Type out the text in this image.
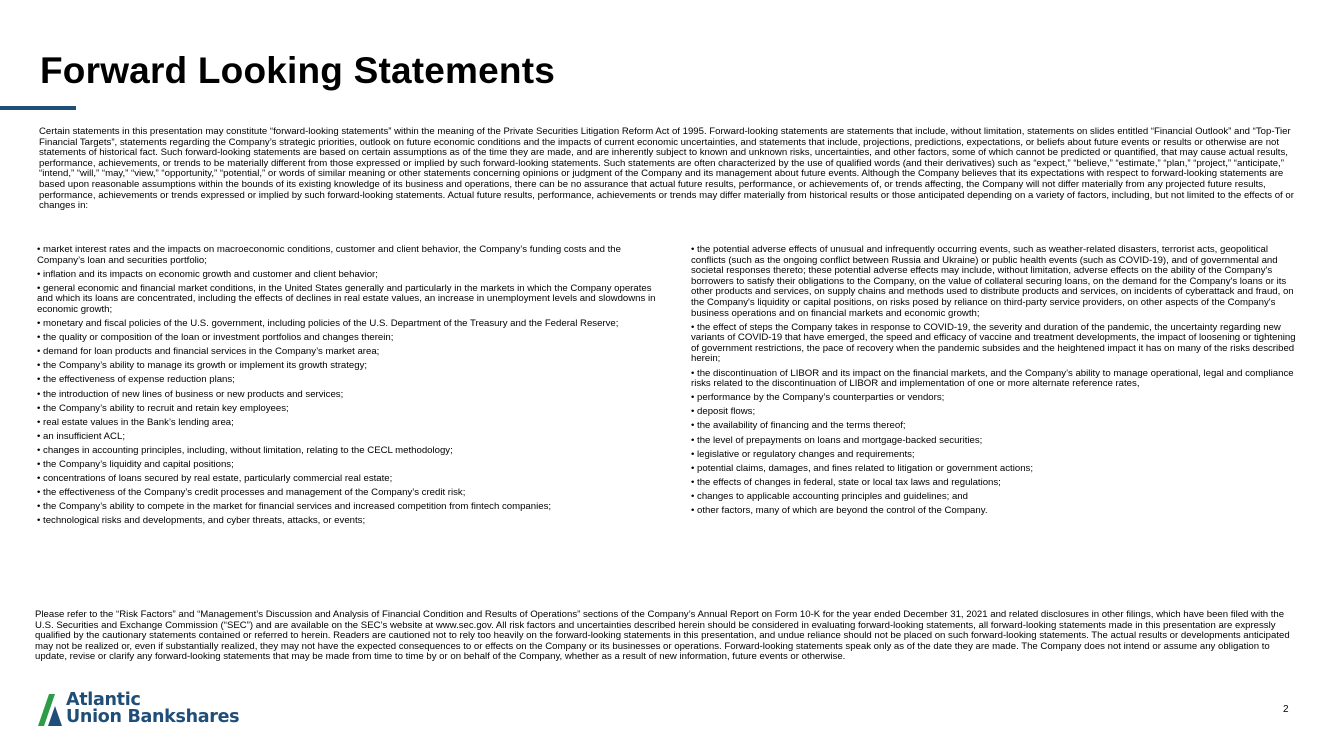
Forward Looking Statements

Certain statements in this presentation may constitute “forward-looking statements” within the meaning of the Private Securities Litigation Reform Act of 1995. Forward-looking statements are statements that include, without limitation, statements on slides entitled “Financial Outlook” and “Top-Tier Financial Targets”, statements regarding the Company’s strategic priorities, outlook on future economic conditions and the impacts of current economic uncertainties, and statements that include, projections, predictions, expectations, or beliefs about future events or results or otherwise are not statements of historical fact. Such forward-looking statements are based on certain assumptions as of the time they are made, and are inherently subject to known and unknown risks, uncertainties, and other factors, some of which cannot be predicted or quantified, that may cause actual results, performance, achievements, or trends to be materially different from those expressed or implied by such forward-looking statements. Such statements are often characterized by the use of qualified words (and their derivatives) such as “expect,” “believe,” “estimate,” “plan,” “project,” “anticipate,” “intend,” “will,” “may,” “view,” “opportunity,” “potential,” or words of similar meaning or other statements concerning opinions or judgment of the Company and its management about future events. Although the Company believes that its expectations with respect to forward-looking statements are based upon reasonable assumptions within the bounds of its existing knowledge of its business and operations, there can be no assurance that actual future results, performance, or achievements of, or trends affecting, the Company will not differ materially from any projected future results, performance, achievements or trends expressed or implied by such forward-looking statements. Actual future results, performance, achievements or trends may differ materially from historical results or those anticipated depending on a variety of factors, including, but not limited to the effects of or changes in:

• market interest rates and the impacts on macroeconomic conditions, customer and client behavior, the Company’s funding costs and the Company’s loan and securities portfolio;
• inflation and its impacts on economic growth and customer and client behavior;
• general economic and financial market conditions, in the United States generally and particularly in the markets in which the Company operates and which its loans are concentrated, including the effects of declines in real estate values, an increase in unemployment levels and slowdowns in economic growth;
• monetary and fiscal policies of the U.S. government, including policies of the U.S. Department of the Treasury and the Federal Reserve;
• the quality or composition of the loan or investment portfolios and changes therein;
• demand for loan products and financial services in the Company’s market area;
• the Company’s ability to manage its growth or implement its growth strategy;
• the effectiveness of expense reduction plans;
• the introduction of new lines of business or new products and services;
• the Company’s ability to recruit and retain key employees;
• real estate values in the Bank’s lending area;
• an insufficient ACL;
• changes in accounting principles, including, without limitation, relating to the CECL methodology;
• the Company’s liquidity and capital positions;
• concentrations of loans secured by real estate, particularly commercial real estate;
• the effectiveness of the Company’s credit processes and management of the Company’s credit risk;
• the Company’s ability to compete in the market for financial services and increased competition from fintech companies;
• technological risks and developments, and cyber threats, attacks, or events;
• the potential adverse effects of unusual and infrequently occurring events, such as weather-related disasters, terrorist acts, geopolitical conflicts (such as the ongoing conflict between Russia and Ukraine) or public health events (such as COVID-19), and of governmental and societal responses thereto; these potential adverse effects may include, without limitation, adverse effects on the ability of the Company's borrowers to satisfy their obligations to the Company, on the value of collateral securing loans, on the demand for the Company's loans or its other products and services, on supply chains and methods used to distribute products and services, on incidents of cyberattack and fraud, on the Company's liquidity or capital positions, on risks posed by reliance on third-party service providers, on other aspects of the Company's business operations and on financial markets and economic growth;
• the effect of steps the Company takes in response to COVID-19, the severity and duration of the pandemic, the uncertainty regarding new variants of COVID-19 that have emerged, the speed and efficacy of vaccine and treatment developments, the impact of loosening or tightening of government restrictions, the pace of recovery when the pandemic subsides and the heightened impact it has on many of the risks described herein;
• the discontinuation of LIBOR and its impact on the financial markets, and the Company’s ability to manage operational, legal and compliance risks related to the discontinuation of LIBOR and implementation of one or more alternate reference rates,
• performance by the Company’s counterparties or vendors;
• deposit flows;
• the availability of financing and the terms thereof;
• the level of prepayments on loans and mortgage-backed securities;
• legislative or regulatory changes and requirements;
• potential claims, damages, and fines related to litigation or government actions;
• the effects of changes in federal, state or local tax laws and regulations;
• changes to applicable accounting principles and guidelines; and
• other factors, many of which are beyond the control of the Company.

Please refer to the “Risk Factors” and “Management’s Discussion and Analysis of Financial Condition and Results of Operations” sections of the Company’s Annual Report on Form 10-K for the year ended December 31, 2021 and related disclosures in other filings, which have been filed with the U.S. Securities and Exchange Commission (“SEC”) and are available on the SEC’s website at www.sec.gov. All risk factors and uncertainties described herein should be considered in evaluating forward-looking statements, all forward-looking statements made in this presentation are expressly qualified by the cautionary statements contained or referred to herein. Readers are cautioned not to rely too heavily on the forward-looking statements in this presentation, and undue reliance should not be placed on such forward-looking statements. The actual results or developments anticipated may not be realized or, even if substantially realized, they may not have the expected consequences to or effects on the Company or its businesses or operations. Forward-looking statements speak only as of the date they are made. The Company does not intend or assume any obligation to update, revise or clarify any forward-looking statements that may be made from time to time by or on behalf of the Company, whether as a result of new information, future events or otherwise.

Atlantic
Union Bankshares	2
